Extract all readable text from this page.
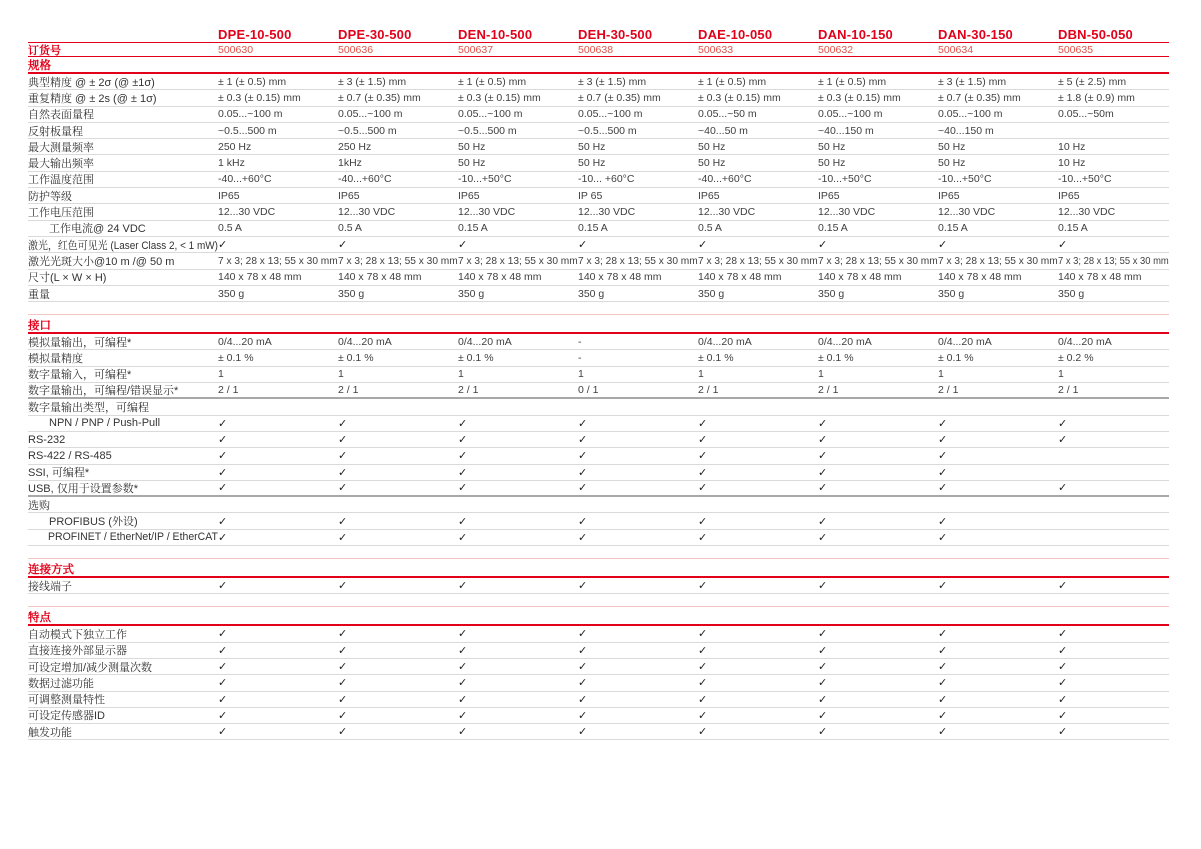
DPE-10-500	DPE-30-500	DEN-10-500	DEH-30-500	DAE-10-050	DAN-10-150	DAN-30-150	DBN-50-050
订货号	500630	500636	500637	500638	500633	500632	500634	500635
规格
典型精度 @ ± 2σ (@ ±1σ)	± 1 (± 0.5) mm	± 3 (± 1.5) mm	± 1 (± 0.5) mm	± 3 (± 1.5) mm	± 1 (± 0.5) mm	± 1 (± 0.5) mm	± 3 (± 1.5) mm	± 5 (± 2.5) mm
重复精度 @ ± 2s (@ ± 1σ)	± 0.3 (± 0.15) mm	± 0.7 (± 0.35) mm	± 0.3 (± 0.15) mm	± 0.7 (± 0.35) mm	± 0.3 (± 0.15) mm	± 0.3 (± 0.15) mm	± 0.7 (± 0.35) mm	± 1.8 (± 0.9) mm
自然表面量程	0.05...~100 m	0.05...~100 m	0.05...~100 m	0.05...~100 m	0.05...~50 m	0.05...~100 m	0.05...~100 m	0.05...~50m
反射板量程	~0.5...500 m	~0.5...500 m	~0.5...500 m	~0.5...500 m	~40...50 m	~40...150 m	~40...150 m
最大测量频率	250 Hz	250 Hz	50 Hz	50 Hz	50 Hz	50 Hz	50 Hz	10 Hz
最大输出频率	1 kHz	1kHz	50 Hz	50 Hz	50 Hz	50 Hz	50 Hz	10 Hz
工作温度范围	-40...+60°C	-40...+60°C	-10...+50°C	-10... +60°C	-40...+60°C	-10...+50°C	-10...+50°C	-10...+50°C
防护等级	IP65	IP65	IP65	IP 65	IP65	IP65	IP65	IP65
工作电压范围	12...30 VDC	12...30 VDC	12...30 VDC	12...30 VDC	12...30 VDC	12...30 VDC	12...30 VDC	12...30 VDC
工作电流@ 24 VDC	0.5 A	0.5 A	0.15 A	0.15 A	0.5 A	0.15 A	0.15 A	0.15 A
激光，红色可见光 (Laser Class 2, < 1 mW) ✓	✓	✓	✓	✓	✓	✓	✓
激光光斑大小@10 m /@ 50 m	7 x 3; 28 x 13; 55 x 30 mm 7 x 3; 28 x 13; 55 x 30 mm 7 x 3; 28 x 13; 55 x 30 mm 7 x 3; 28 x 13; 55 x 30 mm 7 x 3; 28 x 13; 55 x 30 mm 7 x 3; 28 x 13; 55 x 30 mm 7 x 3; 28 x 13; 55 x 30 mm 7 x 3; 28 x 13; 55 x 30 mm
尺寸(L × W × H)	140 x 78 x 48 mm	140 x 78 x 48 mm	140 x 78 x 48 mm	140 x 78 x 48 mm	140 x 78 x 48 mm	140 x 78 x 48 mm	140 x 78 x 48 mm	140 x 78 x 48 mm
重量	350 g	350 g	350 g	350 g	350 g	350 g	350 g	350 g
接口
模拟量输出，可编程*	0/4...20 mA	0/4...20 mA	0/4...20 mA	-	0/4...20 mA	0/4...20 mA	0/4...20 mA	0/4...20 mA
模拟量精度	± 0.1 %	± 0.1 %	± 0.1 %	-	± 0.1 %	± 0.1 %	± 0.1 %	± 0.2 %
数字量输入，可编程*	1	1	1	1	1	1	1	1
数字量输出，可编程/错误显示*	2 / 1	2 / 1	2 / 1	0 / 1	2 / 1	2 / 1	2 / 1	2 / 1
数字量输出类型，可编程
NPN / PNP / Push-Pull	✓	✓	✓	✓	✓	✓	✓	✓
RS-232	✓	✓	✓	✓	✓	✓	✓	✓
RS-422 / RS-485	✓	✓	✓	✓	✓	✓	✓
SSI, 可编程*	✓	✓	✓	✓	✓	✓	✓
USB, 仅用于设置参数*	✓	✓	✓	✓	✓	✓	✓	✓
选购
PROFIBUS (外设)	✓	✓	✓	✓	✓	✓	✓
PROFINET / EtherNet/IP / EtherCAT ✓	✓	✓	✓	✓	✓	✓
连接方式
接线端子	✓	✓	✓	✓	✓	✓	✓	✓
特点
自动模式下独立工作	✓	✓	✓	✓	✓	✓	✓	✓
直接连接外部显示器	✓	✓	✓	✓	✓	✓	✓	✓
可设定增加/减少测量次数	✓	✓	✓	✓	✓	✓	✓	✓
数据过滤功能	✓	✓	✓	✓	✓	✓	✓	✓
可调整测量特性	✓	✓	✓	✓	✓	✓	✓	✓
可设定传感器ID	✓	✓	✓	✓	✓	✓	✓	✓
触发功能	✓	✓	✓	✓	✓	✓	✓	✓
